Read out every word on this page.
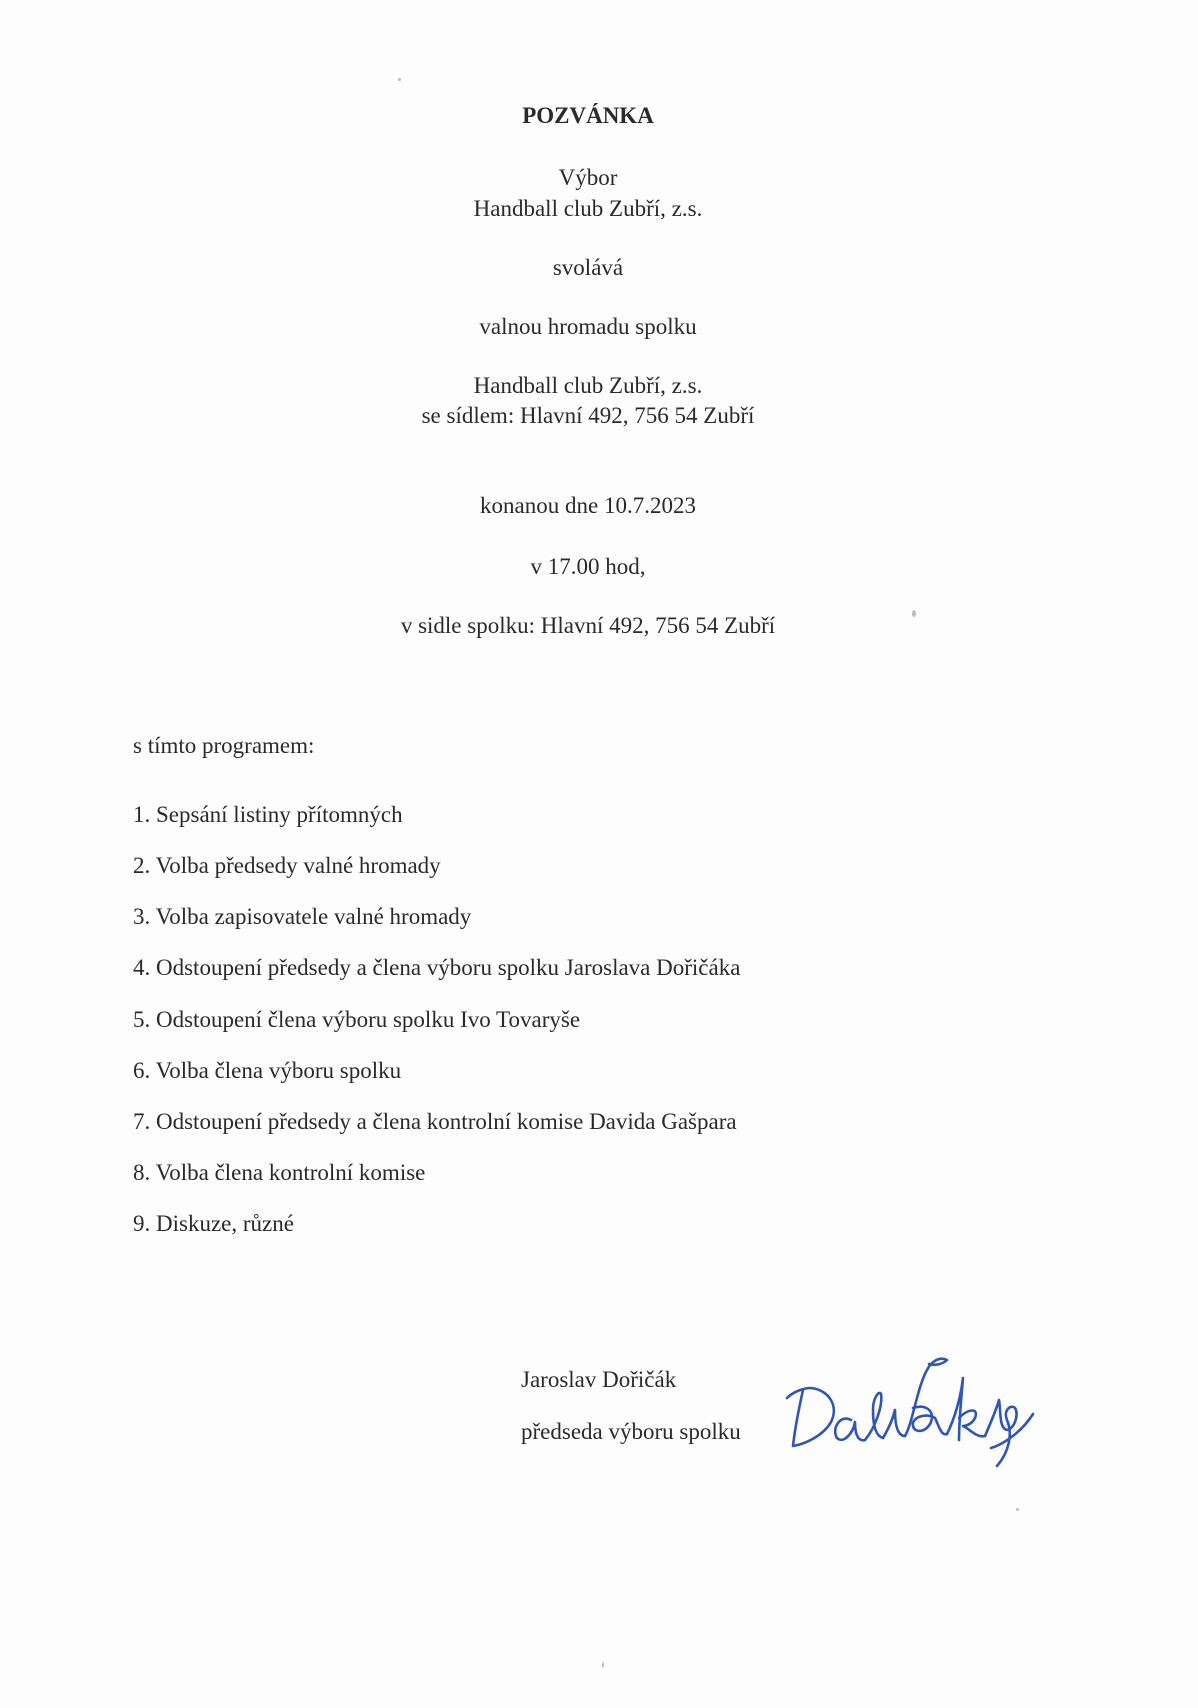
POZVÁNKA
Výbor
Handball club Zubří, z.s.
svolává
valnou hromadu spolku
Handball club Zubří, z.s.
se sídlem: Hlavní 492, 756 54 Zubří
konanou dne 10.7.2023
v 17.00 hod,
v sidle spolku: Hlavní 492, 756 54 Zubří
s tímto programem:
1. Sepsání listiny přítomných
2. Volba předsedy valné hromady
3. Volba zapisovatele valné hromady
4. Odstoupení předsedy a člena výboru spolku Jaroslava Dořičáka
5. Odstoupení člena výboru spolku Ivo Tovaryše
6. Volba člena výboru spolku
7. Odstoupení předsedy a člena kontrolní komise Davida Gašpara
8. Volba člena kontrolní komise
9. Diskuze, různé
Jaroslav Dořičák
předseda výboru spolku
